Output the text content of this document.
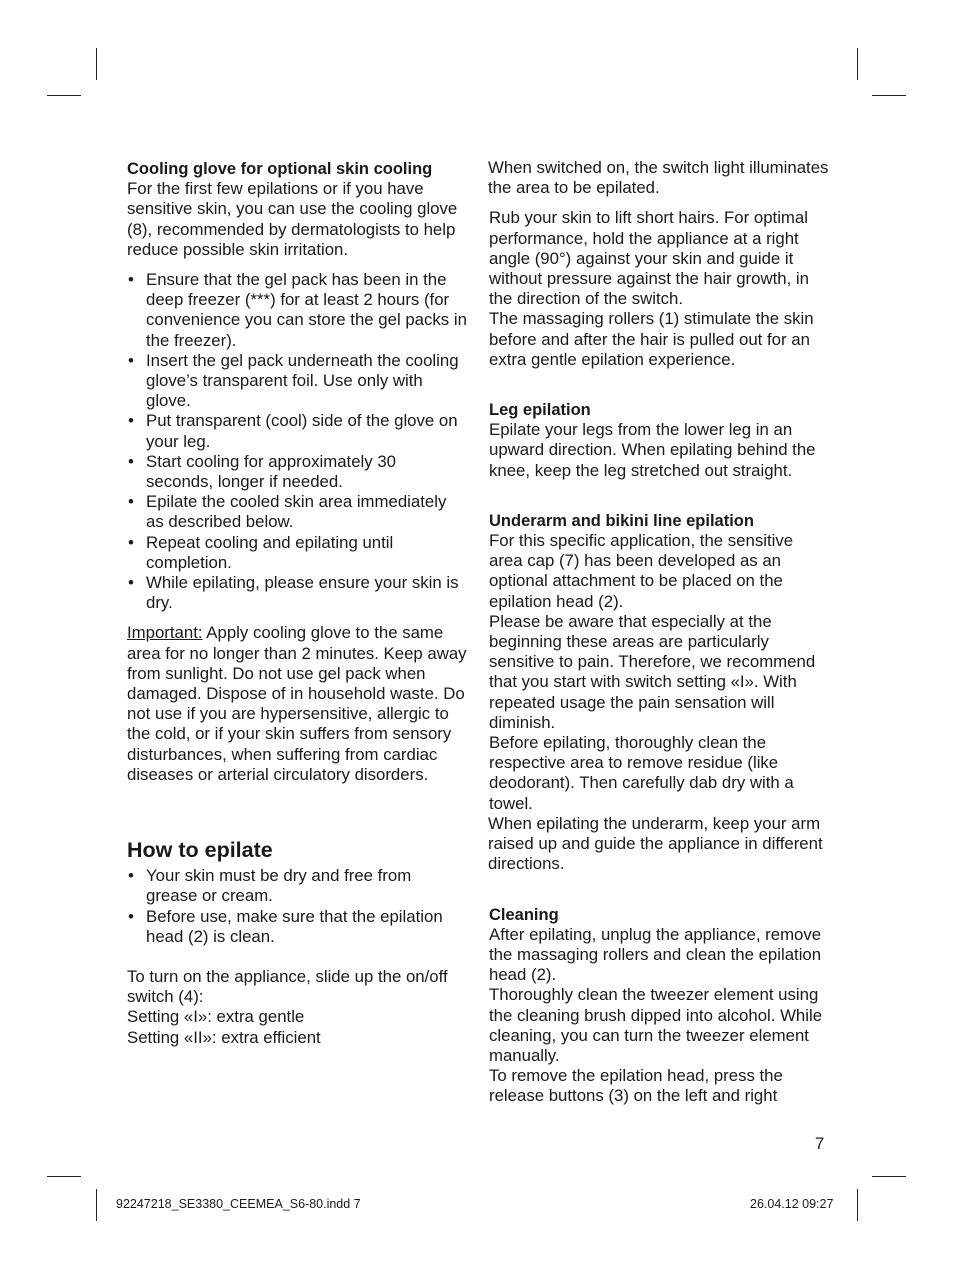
Cooling glove for optional skin cooling

For the first few epilations or if you have sensitive skin, you can use the cooling glove (8), recommended by dermatologists to help reduce possible skin irritation.

• Ensure that the gel pack has been in the deep freezer (***) for at least 2 hours (for convenience you can store the gel packs in the freezer).
• Insert the gel pack underneath the cooling glove’s transparent foil. Use only with glove.
• Put transparent (cool) side of the glove on your leg.
• Start cooling for approximately 30 seconds, longer if needed.
• Epilate the cooled skin area immediately as described below.
• Repeat cooling and epilating until completion.
• While epilating, please ensure your skin is dry.

Important: Apply cooling glove to the same area for no longer than 2 minutes. Keep away from sunlight. Do not use gel pack when damaged. Dispose of in household waste. Do not use if you are hypersensitive, allergic to the cold, or if your skin suffers from sensory disturbances, when suffering from cardiac diseases or arterial circulatory disorders.

How to epilate
• Your skin must be dry and free from grease or cream.
• Before use, make sure that the epilation head (2) is clean.

To turn on the appliance, slide up the on/off switch (4):

Setting «I»: extra gentle

Setting «II»: extra efficient

When switched on, the switch light illuminates the area to be epilated.

Rub your skin to lift short hairs. For optimal performance, hold the appliance at a right angle (90°) against your skin and guide it without pressure against the hair growth, in the direction of the switch.

The massaging rollers (1) stimulate the skin before and after the hair is pulled out for an extra gentle epilation experience.

Leg epilation

Epilate your legs from the lower leg in an upward direction. When epilating behind the knee, keep the leg stretched out straight.

Underarm and bikini line epilation

For this specific application, the sensitive area cap (7) has been developed as an optional attachment to be placed on the epilation head (2).

Please be aware that especially at the beginning these areas are particularly sensitive to pain. Therefore, we recommend that you start with switch setting «I». With repeated usage the pain sensation will diminish.

Before epilating, thoroughly clean the respective area to remove residue (like deodorant). Then carefully dab dry with a towel.

When epilating the underarm, keep your arm raised up and guide the appliance in different directions.

Cleaning

After epilating, unplug the appliance, remove the massaging rollers and clean the epilation head (2).

Thoroughly clean the tweezer element using the cleaning brush dipped into alcohol. While cleaning, you can turn the tweezer element manually.

To remove the epilation head, press the release buttons (3) on the left and right

7
92247218_SE3380_CEEMEA_S6-80.indd 7	26.04.12 09:27
